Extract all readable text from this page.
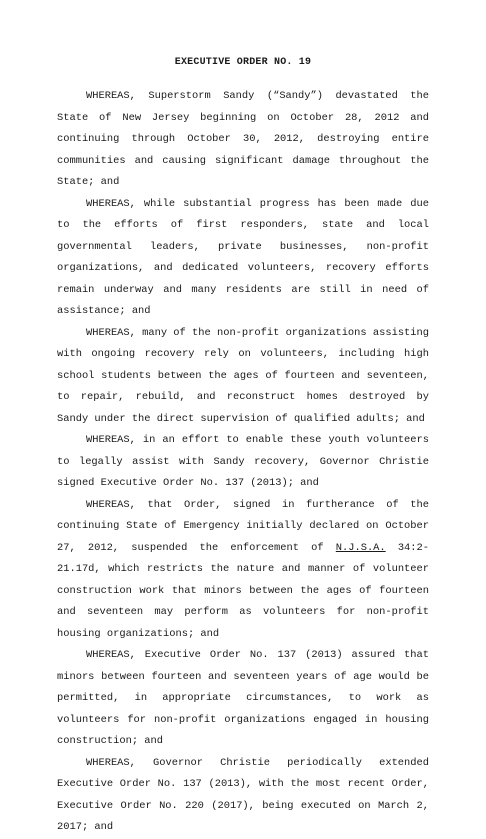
EXECUTIVE ORDER NO. 19

WHEREAS, Superstorm Sandy (“Sandy”) devastated the State of New Jersey beginning on October 28, 2012 and continuing through October 30, 2012, destroying entire communities and causing significant damage throughout the State; and

WHEREAS, while substantial progress has been made due to the efforts of first responders, state and local governmental leaders, private businesses, non-profit organizations, and dedicated volunteers, recovery efforts remain underway and many residents are still in need of assistance; and

WHEREAS, many of the non-profit organizations assisting with ongoing recovery rely on volunteers, including high school students between the ages of fourteen and seventeen, to repair, rebuild, and reconstruct homes destroyed by Sandy under the direct supervision of qualified adults; and

WHEREAS, in an effort to enable these youth volunteers to legally assist with Sandy recovery, Governor Christie signed Executive Order No. 137 (2013); and

WHEREAS, that Order, signed in furtherance of the continuing State of Emergency initially declared on October 27, 2012, suspended the enforcement of N.J.S.A. 34:2-21.17d, which restricts the nature and manner of volunteer construction work that minors between the ages of fourteen and seventeen may perform as volunteers for non-profit housing organizations; and

WHEREAS, Executive Order No. 137 (2013) assured that minors between fourteen and seventeen years of age would be permitted, in appropriate circumstances, to work as volunteers for non-profit organizations engaged in housing construction; and

WHEREAS, Governor Christie periodically extended Executive Order No. 137 (2013), with the most recent Order, Executive Order No. 220 (2017), being executed on March 2, 2017; and
